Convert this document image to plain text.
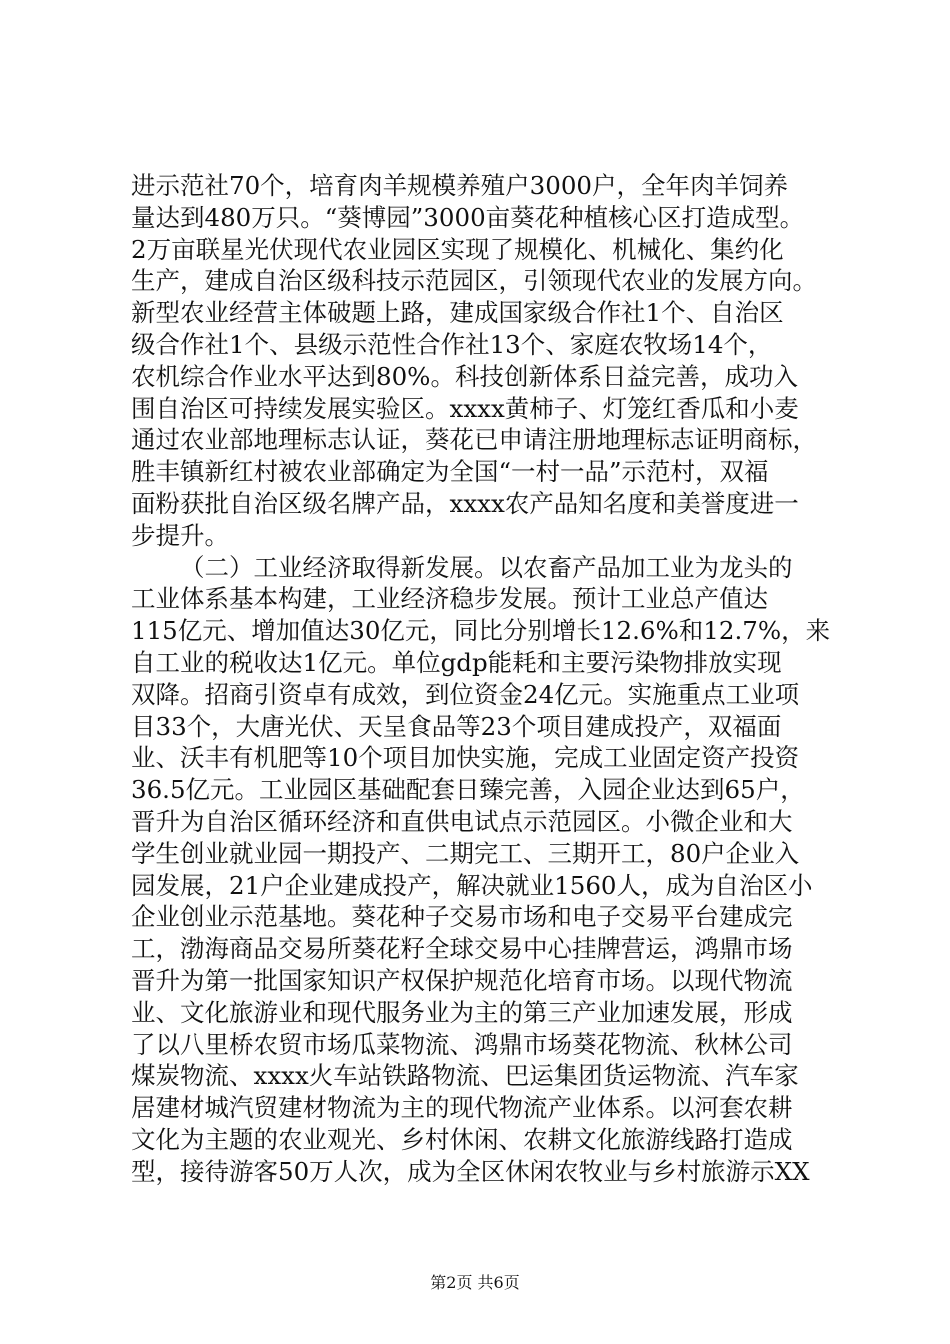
进示范社70个，培育肉羊规模养殖户3000户，全年肉羊饲养
量达到480万只。“葵博园”3000亩葵花种植核心区打造成型。
2万亩联星光伏现代农业园区实现了规模化、机械化、集约化
生产，建成自治区级科技示范园区，引领现代农业的发展方向。
新型农业经营主体破题上路，建成国家级合作社1个、自治区
级合作社1个、县级示范性合作社13个、家庭农牧场14个，
农机综合作业水平达到80%。科技创新体系日益完善，成功入
围自治区可持续发展实验区。xxxx黄柿子、灯笼红香瓜和小麦
通过农业部地理标志认证，葵花已申请注册地理标志证明商标，
胜丰镇新红村被农业部确定为全国“一村一品”示范村，双福
面粉获批自治区级名牌产品，xxxx农产品知名度和美誉度进一
步提升。
（二）工业经济取得新发展。以农畜产品加工业为龙头的
工业体系基本构建，工业经济稳步发展。预计工业总产值达
115亿元、增加值达30亿元，同比分别增长12.6%和12.7%，来
自工业的税收达1亿元。单位gdp能耗和主要污染物排放实现
双降。招商引资卓有成效，到位资金24亿元。实施重点工业项
目33个，大唐光伏、天呈食品等23个项目建成投产，双福面
业、沃丰有机肥等10个项目加快实施，完成工业固定资产投资
36.5亿元。工业园区基础配套日臻完善，入园企业达到65户，
晋升为自治区循环经济和直供电试点示范园区。小微企业和大
学生创业就业园一期投产、二期完工、三期开工，80户企业入
园发展，21户企业建成投产，解决就业1560人，成为自治区小
企业创业示范基地。葵花种子交易市场和电子交易平台建成完
工，渤海商品交易所葵花籽全球交易中心挂牌营运，鸿鼎市场
晋升为第一批国家知识产权保护规范化培育市场。以现代物流
业、文化旅游业和现代服务业为主的第三产业加速发展，形成
了以八里桥农贸市场瓜菜物流、鸿鼎市场葵花物流、秋林公司
煤炭物流、xxxx火车站铁路物流、巴运集团货运物流、汽车家
居建材城汽贸建材物流为主的现代物流产业体系。以河套农耕
文化为主题的农业观光、乡村休闲、农耕文化旅游线路打造成
型，接待游客50万人次，成为全区休闲农牧业与乡村旅游示XX
第2页 共6页
